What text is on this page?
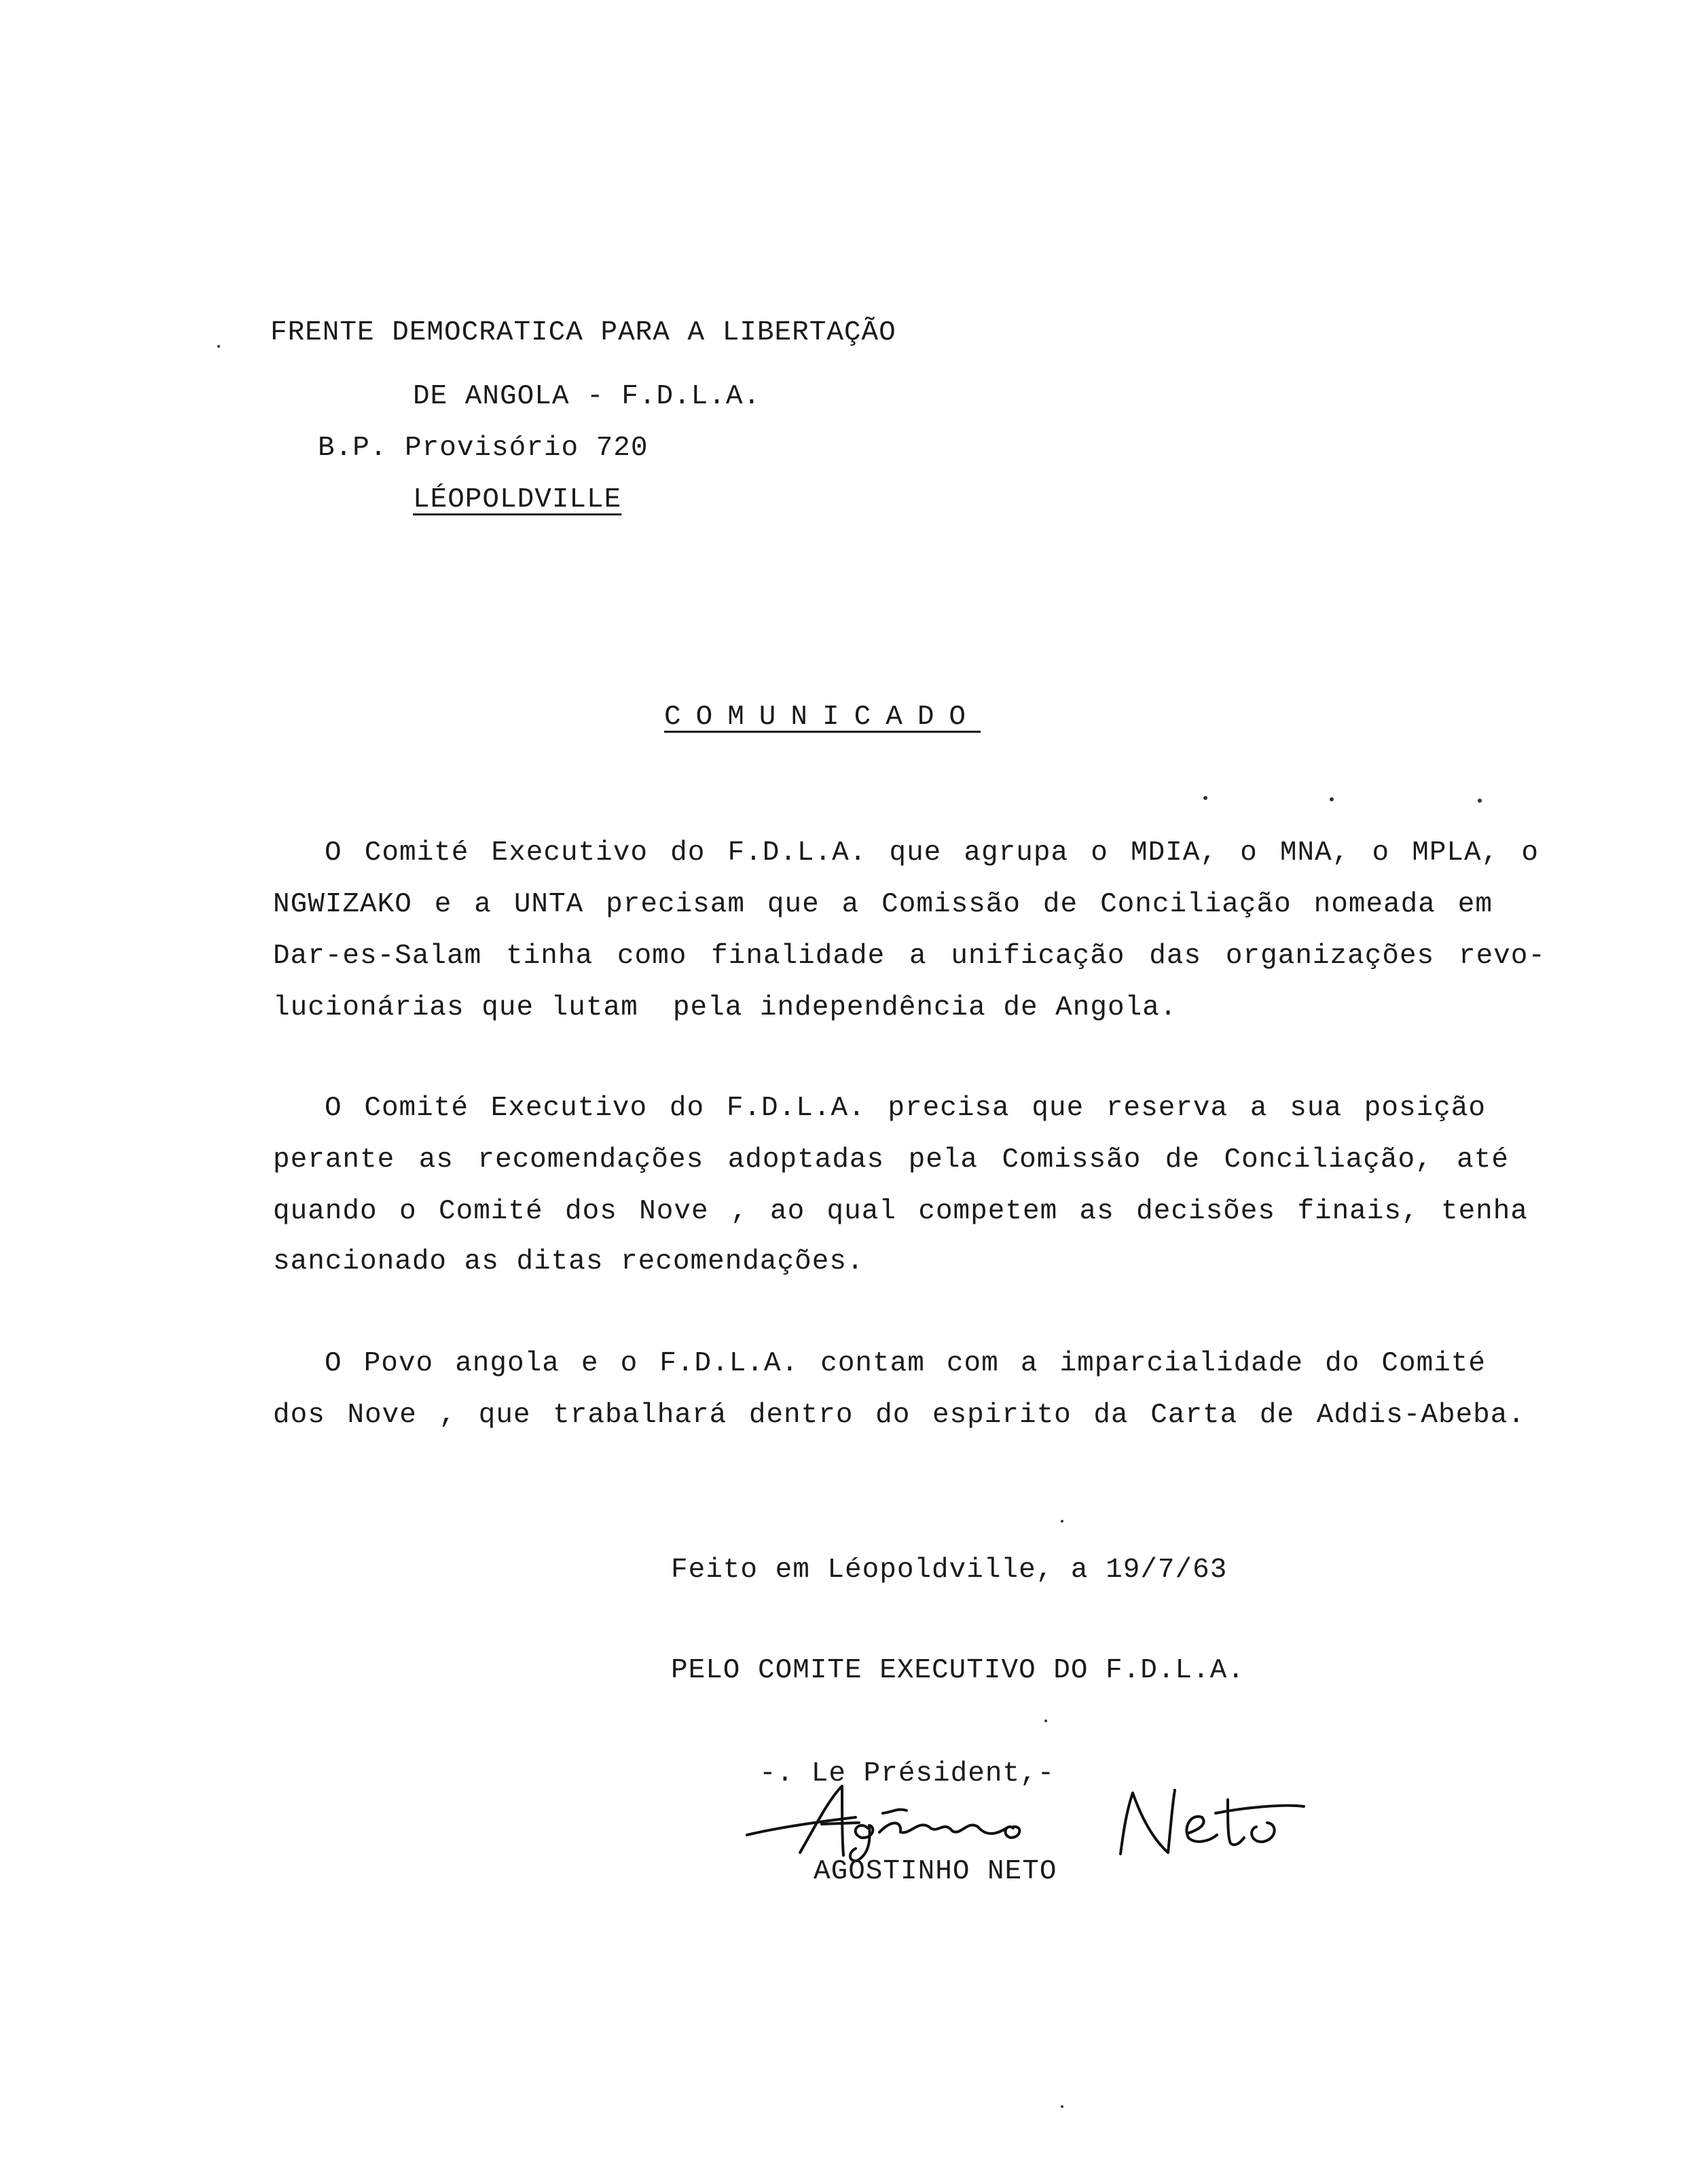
FRENTE DEMOCRATICA PARA A LIBERTAÇÃO
DE ANGOLA - F.D.L.A.
B.P. Provisório 720
LÉOPOLDVILLE
COMUNICADO
O Comité Executivo do F.D.L.A. que agrupa o MDIA, o MNA, o MPLA, o
NGWIZAKO e a UNTA precisam que a Comissão de Conciliação nomeada em
Dar-es-Salam tinha como finalidade a unificação das organizações revo-
lucionárias que lutam  pela independência de Angola.
O Comité Executivo do F.D.L.A. precisa que reserva a sua posição
perante as recomendações adoptadas pela Comissão de Conciliação, até
quando o Comité dos Nove , ao qual competem as decisões finais, tenha
sancionado as ditas recomendações.
O Povo angola e o F.D.L.A. contam com a imparcialidade do Comité
dos Nove , que trabalhará dentro do espirito da Carta de Addis-Abeba.
Feito em Léopoldville, a 19/7/63
PELO COMITE EXECUTIVO DO F.D.L.A.
-. Le Président,-
AGOSTINHO NETO
